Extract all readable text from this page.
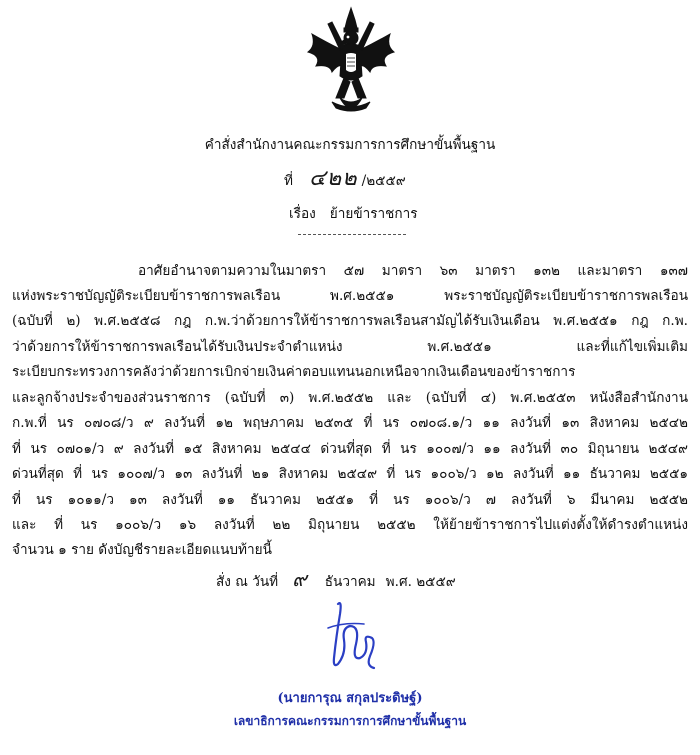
คำสั่งสำนักงานคณะกรรมการการศึกษาขั้นพื้นฐาน
ที่ ๔๒๒ /๒๕๕๙
เรื่อง ย้ายข้าราชการ
อาศัยอำนาจตามความในมาตรา ๕๗ มาตรา ๖๓ มาตรา ๑๓๒ และมาตรา ๑๓๗
แห่งพระราชบัญญัติระเบียบข้าราชการพลเรือน พ.ศ.๒๕๕๑ พระราชบัญญัติระเบียบข้าราชการพลเรือน
(ฉบับที่ ๒) พ.ศ.๒๕๕๘ กฎ ก.พ.ว่าด้วยการให้ข้าราชการพลเรือนสามัญได้รับเงินเดือน พ.ศ.๒๕๕๑ กฎ ก.พ.
ว่าด้วยการให้ข้าราชการพลเรือนได้รับเงินประจำตำแหน่ง พ.ศ.๒๕๕๑ และที่แก้ไขเพิ่มเติม
ระเบียบกระทรวงการคลังว่าด้วยการเบิกจ่ายเงินค่าตอบแทนนอกเหนือจากเงินเดือนของข้าราชการ
และลูกจ้างประจำของส่วนราชการ (ฉบับที่ ๓) พ.ศ.๒๕๕๒ และ (ฉบับที่ ๔) พ.ศ.๒๕๕๓ หนังสือสำนักงาน
ก.พ.ที่ นร ๐๗๐๘/ว ๙ ลงวันที่ ๑๒ พฤษภาคม ๒๕๓๕ ที่ นร ๐๗๐๘.๑/ว ๑๑ ลงวันที่ ๑๓ สิงหาคม ๒๕๔๒
ที่ นร ๐๗๐๑/ว ๙ ลงวันที่ ๑๕ สิงหาคม ๒๕๔๔ ด่วนที่สุด ที่ นร ๑๐๐๗/ว ๑๑ ลงวันที่ ๓๐ มิถุนายน ๒๕๔๙
ด่วนที่สุด ที่ นร ๑๐๐๗/ว ๑๓ ลงวันที่ ๒๑ สิงหาคม ๒๕๔๙ ที่ นร ๑๐๐๖/ว ๑๒ ลงวันที่ ๑๑ ธันวาคม ๒๕๕๑
ที่ นร ๑๐๑๑/ว ๑๓ ลงวันที่ ๑๑ ธันวาคม ๒๕๕๑ ที่ นร ๑๐๐๖/ว ๗ ลงวันที่ ๖ มีนาคม ๒๕๕๒
และ ที่ นร ๑๐๐๖/ว ๑๖ ลงวันที่ ๒๒ มิถุนายน ๒๕๕๒ ให้ย้ายข้าราชการไปแต่งตั้งให้ดำรงตำแหน่ง
จำนวน ๑ ราย ดังบัญชีรายละเอียดแนบท้ายนี้
สั่ง ณ วันที่ ๙ ธันวาคม พ.ศ. ๒๕๕๙
(นายการุณ สกุลประดิษฐ์)
เลขาธิการคณะกรรมการการศึกษาขั้นพื้นฐาน
